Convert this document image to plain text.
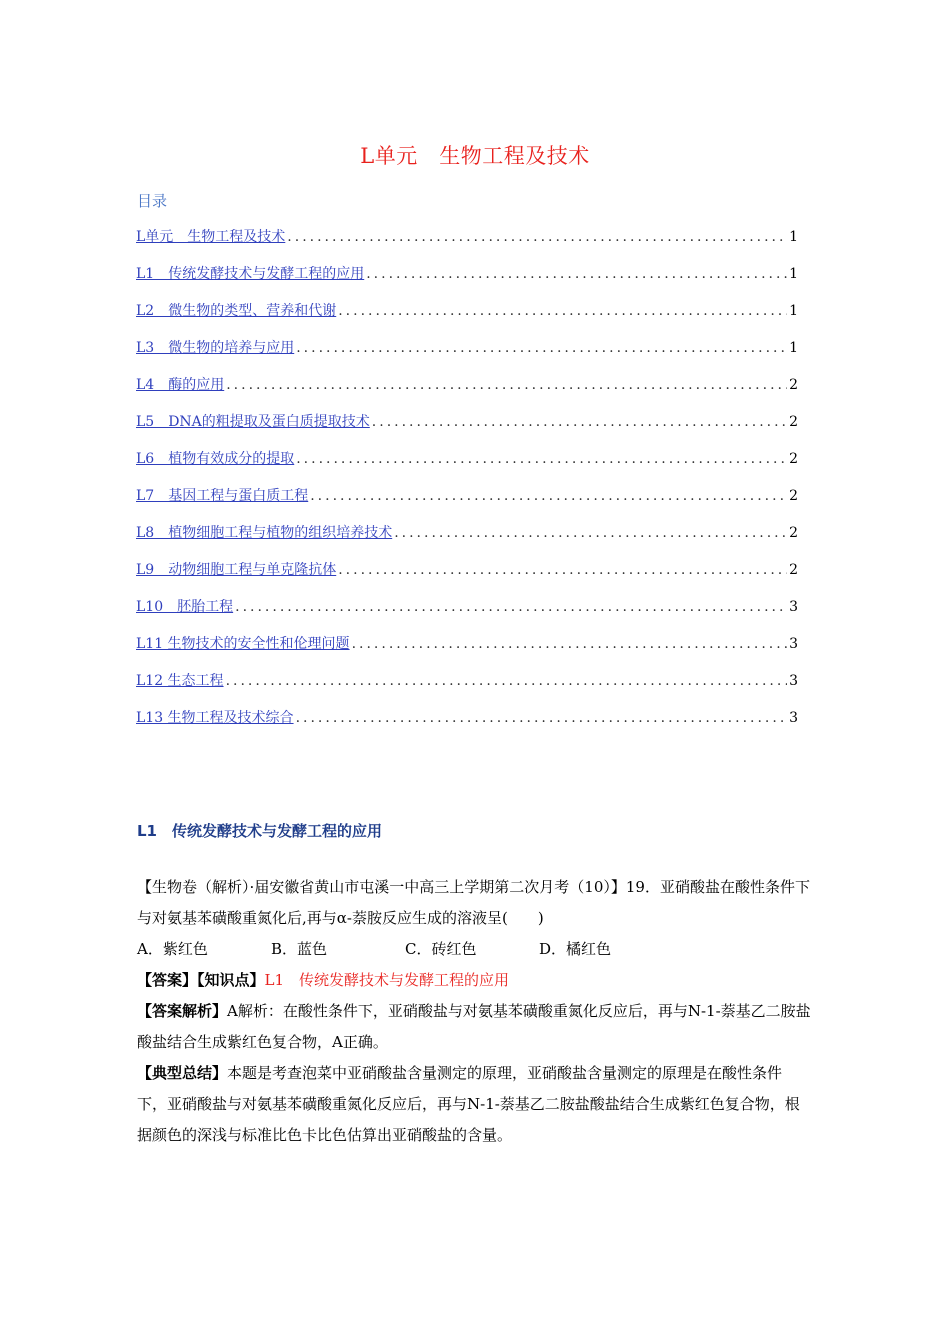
L单元　生物工程及技术
目录
L单元　生物工程及技术 .....	1
L1　传统发酵技术与发酵工程的应用 .....	1
L2　微生物的类型、营养和代谢 .....	1
L3　微生物的培养与应用 .....	1
L4　酶的应用 .....	2
L5　DNA的粗提取及蛋白质提取技术 .....	2
L6　植物有效成分的提取 .....	2
L7　基因工程与蛋白质工程 .....	2
L8　植物细胞工程与植物的组织培养技术 .....	2
L9　动物细胞工程与单克隆抗体 .....	2
L10　胚胎工程 .....	3
L11 生物技术的安全性和伦理问题 .....	3
L12 生态工程 .....	3
L13 生物工程及技术综合 .....	3
L1　传统发酵技术与发酵工程的应用

【生物卷（解析）·届安徽省黄山市屯溪一中高三上学期第二次月考（10）】19．亚硝酸盐在酸性条件下与对氨基苯磺酸重氮化后,再与α-萘胺反应生成的溶液呈(　　)

A．紫红色	B．蓝色	C．砖红色	D．橘红色

【答案】【知识点】L1　传统发酵技术与发酵工程的应用

【答案解析】A解析：在酸性条件下，亚硝酸盐与对氨基苯磺酸重氮化反应后，再与N-1-萘基乙二胺盐酸盐结合生成紫红色复合物，A正确。

【典型总结】本题是考查泡菜中亚硝酸盐含量测定的原理，亚硝酸盐含量测定的原理是在酸性条件下，亚硝酸盐与对氨基苯磺酸重氮化反应后，再与N-1-萘基乙二胺盐酸盐结合生成紫红色复合物，根据颜色的深浅与标准比色卡比色估算出亚硝酸盐的含量。
